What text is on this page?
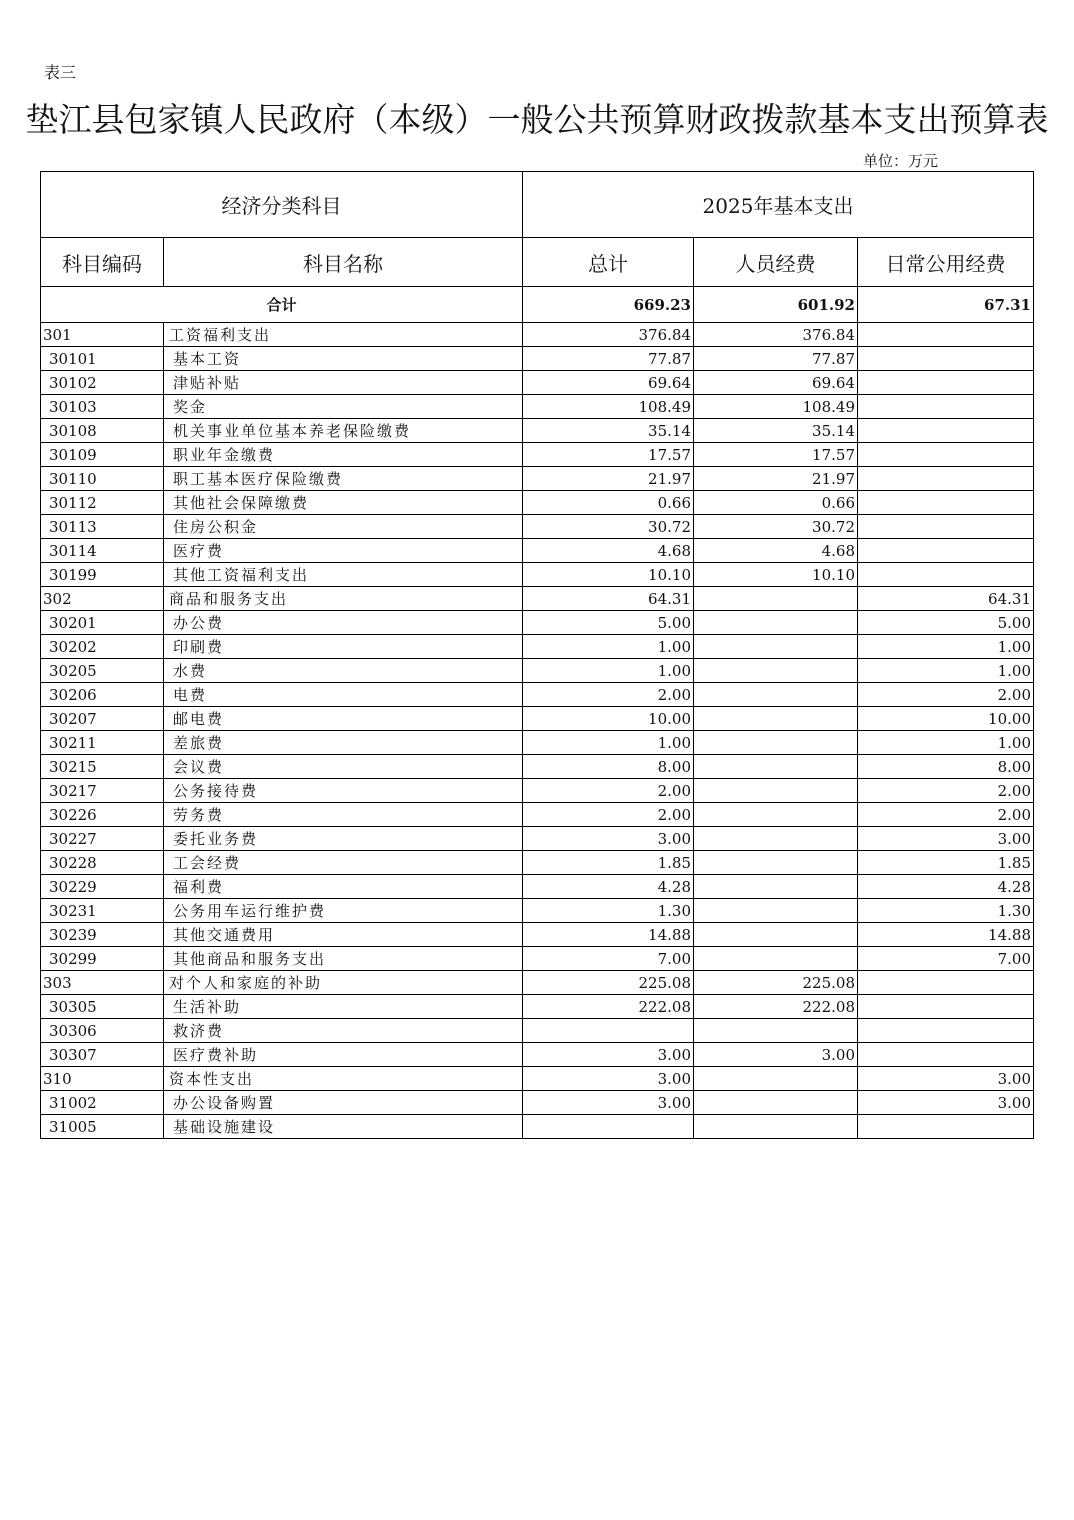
表三
垫江县包家镇人民政府（本级）一般公共预算财政拨款基本支出预算表
单位：万元
经济分类科目		2025年基本支出		
科目编码	科目名称	总计	人员经费	日常公用经费
合计		669.23	601.92	67.31
301	工资福利支出	376.84	376.84	
30101	基本工资	77.87	77.87	
30102	津贴补贴	69.64	69.64	
30103	奖金	108.49	108.49	
30108	机关事业单位基本养老保险缴费	35.14	35.14	
30109	职业年金缴费	17.57	17.57	
30110	职工基本医疗保险缴费	21.97	21.97	
30112	其他社会保障缴费	0.66	0.66	
30113	住房公积金	30.72	30.72	
30114	医疗费	4.68	4.68	
30199	其他工资福利支出	10.10	10.10	
302	商品和服务支出	64.31		64.31
30201	办公费	5.00		5.00
30202	印刷费	1.00		1.00
30205	水费	1.00		1.00
30206	电费	2.00		2.00
30207	邮电费	10.00		10.00
30211	差旅费	1.00		1.00
30215	会议费	8.00		8.00
30217	公务接待费	2.00		2.00
30226	劳务费	2.00		2.00
30227	委托业务费	3.00		3.00
30228	工会经费	1.85		1.85
30229	福利费	4.28		4.28
30231	公务用车运行维护费	1.30		1.30
30239	其他交通费用	14.88		14.88
30299	其他商品和服务支出	7.00		7.00
303	对个人和家庭的补助	225.08	225.08	
30305	生活补助	222.08	222.08	
30306	救济费			
30307	医疗费补助	3.00	3.00	
310	资本性支出	3.00		3.00
31002	办公设备购置	3.00		3.00
31005	基础设施建设			
